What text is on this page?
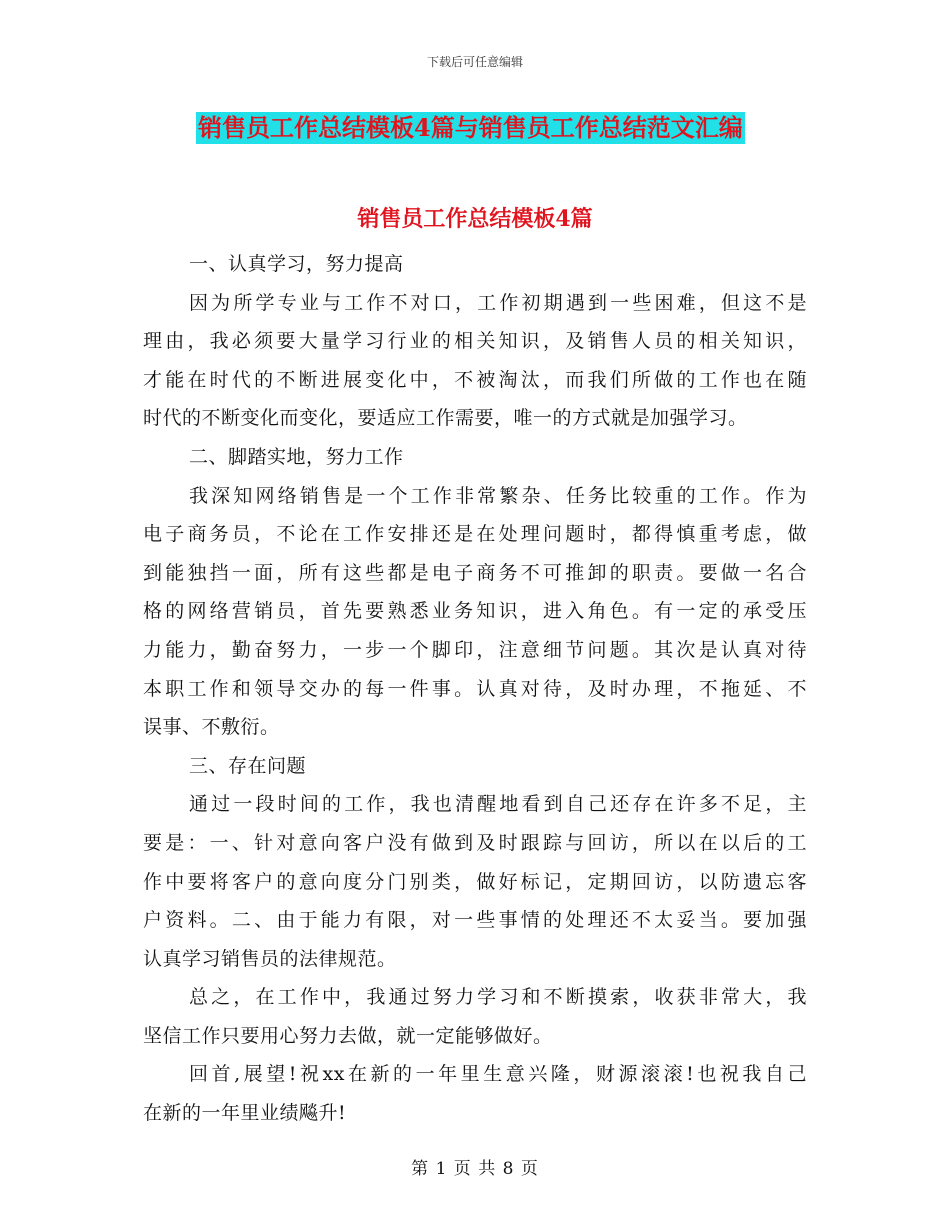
下载后可任意编辑
销售员工作总结模板4篇与销售员工作总结范文汇编
销售员工作总结模板4篇
一、认真学习，努力提高
因为所学专业与工作不对口，工作初期遇到一些困难，但这不是
理由，我必须要大量学习行业的相关知识，及销售人员的相关知识，
才能在时代的不断进展变化中，不被淘汰，而我们所做的工作也在随
时代的不断变化而变化，要适应工作需要，唯一的方式就是加强学习。
二、脚踏实地，努力工作
我深知网络销售是一个工作非常繁杂、任务比较重的工作。作为
电子商务员，不论在工作安排还是在处理问题时，都得慎重考虑，做
到能独挡一面，所有这些都是电子商务不可推卸的职责。要做一名合
格的网络营销员，首先要熟悉业务知识，进入角色。有一定的承受压
力能力，勤奋努力，一步一个脚印，注意细节问题。其次是认真对待
本职工作和领导交办的每一件事。认真对待，及时办理，不拖延、不
误事、不敷衍。
三、存在问题
通过一段时间的工作，我也清醒地看到自己还存在许多不足，主
要是：一、针对意向客户没有做到及时跟踪与回访，所以在以后的工
作中要将客户的意向度分门别类，做好标记，定期回访，以防遗忘客
户资料。二、由于能力有限，对一些事情的处理还不太妥当。要加强
认真学习销售员的法律规范。
总之，在工作中，我通过努力学习和不断摸索，收获非常大，我
坚信工作只要用心努力去做，就一定能够做好。
回首,展望!祝xx在新的一年里生意兴隆，财源滚滚!也祝我自己
在新的一年里业绩飚升!
第 1 页 共 8 页
